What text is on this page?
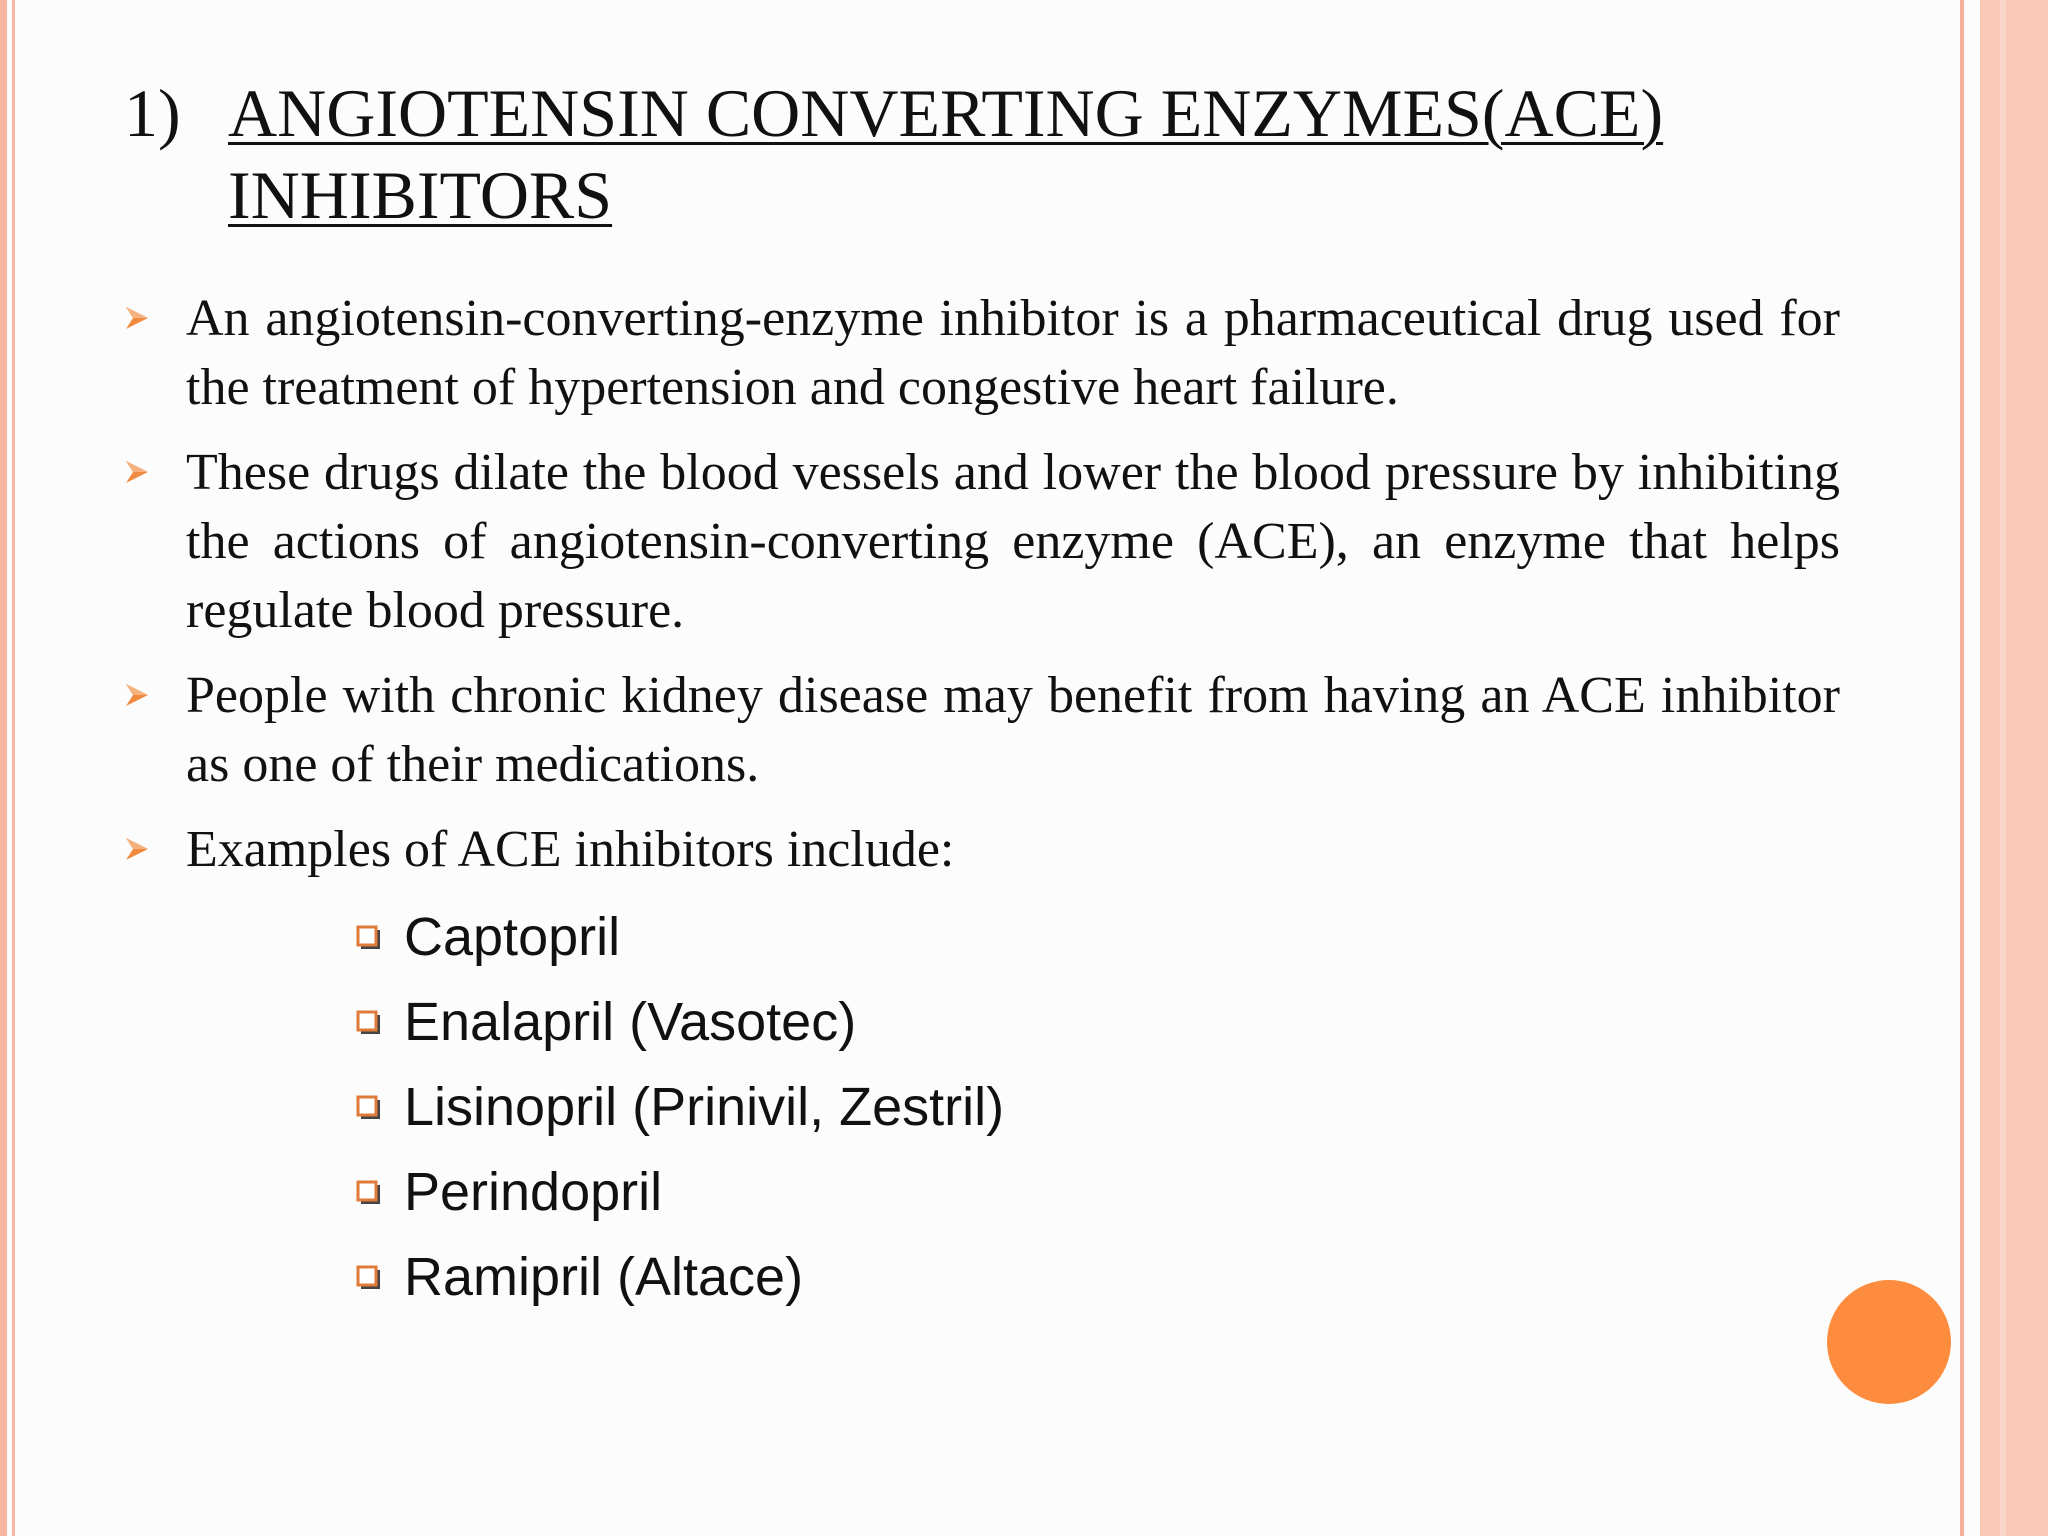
1) ANGIOTENSIN CONVERTING ENZYMES(ACE) INHIBITORS
An angiotensin-converting-enzyme inhibitor is a pharmaceutical drug used for the treatment of hypertension and congestive heart failure.
These drugs dilate the blood vessels and lower the blood pressure by inhibiting the actions of angiotensin-converting enzyme (ACE), an enzyme that helps regulate blood pressure.
People with chronic kidney disease may benefit from having an ACE inhibitor as one of their medications.
Examples of ACE inhibitors include:
Captopril
Enalapril (Vasotec)
Lisinopril (Prinivil, Zestril)
Perindopril
Ramipril (Altace)
